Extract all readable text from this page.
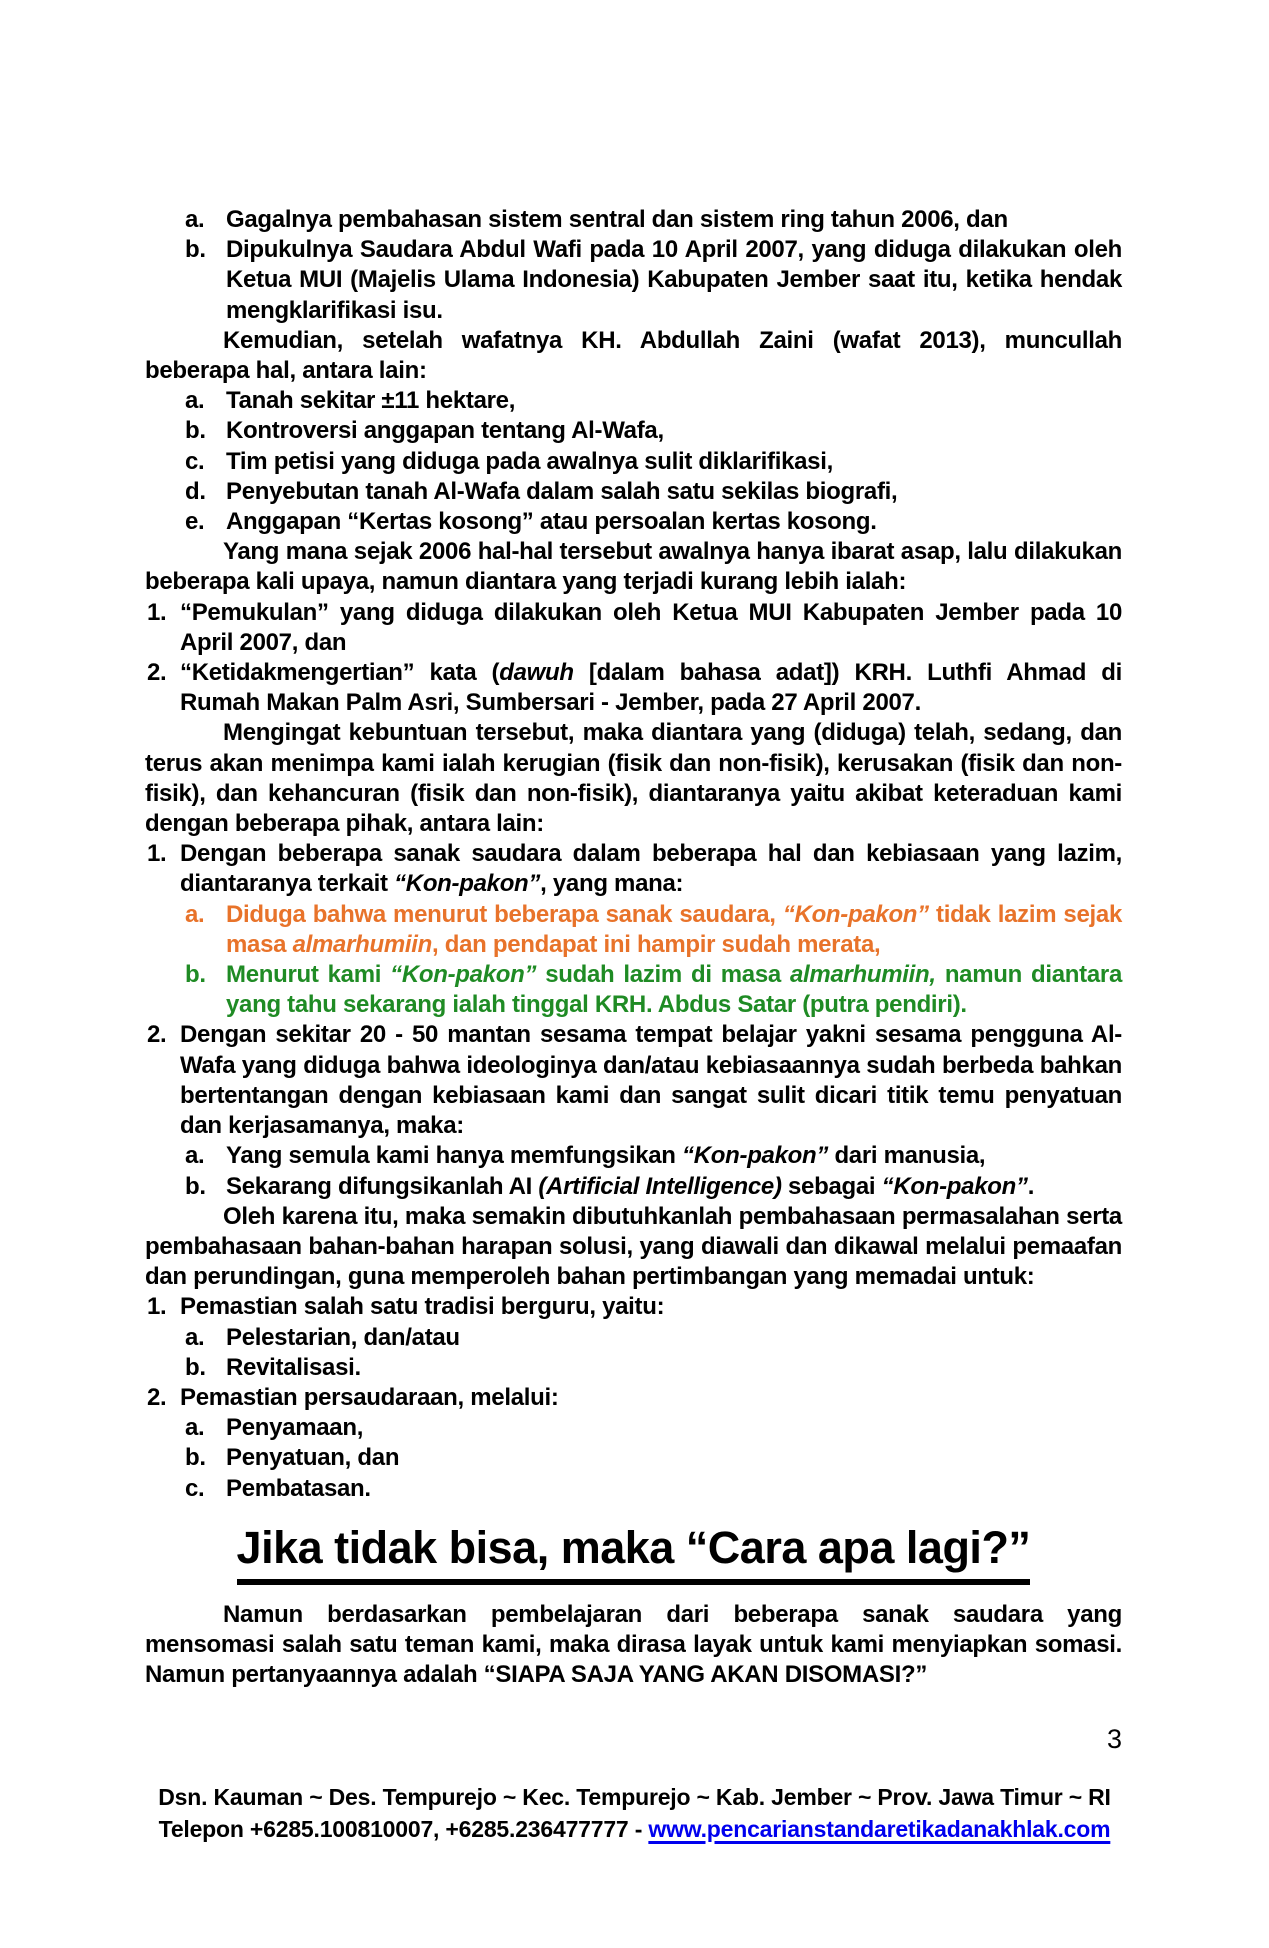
a. Gagalnya pembahasan sistem sentral dan sistem ring tahun 2006, dan
b. Dipukulnya Saudara Abdul Wafi pada 10 April 2007, yang diduga dilakukan oleh Ketua MUI (Majelis Ulama Indonesia) Kabupaten Jember saat itu, ketika hendak mengklarifikasi isu.
Kemudian, setelah wafatnya KH. Abdullah Zaini (wafat 2013), muncullah beberapa hal, antara lain:
a. Tanah sekitar ±11 hektare,
b. Kontroversi anggapan tentang Al-Wafa,
c. Tim petisi yang diduga pada awalnya sulit diklarifikasi,
d. Penyebutan tanah Al-Wafa dalam salah satu sekilas biografi,
e. Anggapan “Kertas kosong” atau persoalan kertas kosong.
Yang mana sejak 2006 hal-hal tersebut awalnya hanya ibarat asap, lalu dilakukan beberapa kali upaya, namun diantara yang terjadi kurang lebih ialah:
1. “Pemukulan” yang diduga dilakukan oleh Ketua MUI Kabupaten Jember pada 10 April 2007, dan
2. “Ketidakmengertian” kata (dawuh [dalam bahasa adat]) KRH. Luthfi Ahmad di Rumah Makan Palm Asri, Sumbersari - Jember, pada 27 April 2007.
Mengingat kebuntuan tersebut, maka diantara yang (diduga) telah, sedang, dan terus akan menimpa kami ialah kerugian (fisik dan non-fisik), kerusakan (fisik dan non-fisik), dan kehancuran (fisik dan non-fisik), diantaranya yaitu akibat keteraduan kami dengan beberapa pihak, antara lain:
1. Dengan beberapa sanak saudara dalam beberapa hal dan kebiasaan yang lazim, diantaranya terkait “Kon-pakon”, yang mana:
a. Diduga bahwa menurut beberapa sanak saudara, “Kon-pakon” tidak lazim sejak masa almarhumiin, dan pendapat ini hampir sudah merata,
b. Menurut kami “Kon-pakon” sudah lazim di masa almarhumiin, namun diantara yang tahu sekarang ialah tinggal KRH. Abdus Satar (putra pendiri).
2. Dengan sekitar 20 - 50 mantan sesama tempat belajar yakni sesama pengguna Al-Wafa yang diduga bahwa ideologinya dan/atau kebiasaannya sudah berbeda bahkan bertentangan dengan kebiasaan kami dan sangat sulit dicari titik temu penyatuan dan kerjasamanya, maka:
a. Yang semula kami hanya memfungsikan “Kon-pakon” dari manusia,
b. Sekarang difungsikanlah AI (Artificial Intelligence) sebagai “Kon-pakon”.
Oleh karena itu, maka semakin dibutuhkanlah pembahasaan permasalahan serta pembahasaan bahan-bahan harapan solusi, yang diawali dan dikawal melalui pemaafan dan perundingan, guna memperoleh bahan pertimbangan yang memadai untuk:
1. Pemastian salah satu tradisi berguru, yaitu:
a. Pelestarian, dan/atau
b. Revitalisasi.
2. Pemastian persaudaraan, melalui:
a. Penyamaan,
b. Penyatuan, dan
c. Pembatasan.
Jika tidak bisa, maka “Cara apa lagi?”
Namun berdasarkan pembelajaran dari beberapa sanak saudara yang mensomasi salah satu teman kami, maka dirasa layak untuk kami menyiapkan somasi. Namun pertanyaannya adalah “SIAPA SAJA YANG AKAN DISOMASI?”
3
Dsn. Kauman ~ Des. Tempurejo ~ Kec. Tempurejo ~ Kab. Jember ~ Prov. Jawa Timur ~ RI
Telepon +6285.100810007, +6285.236477777 - www.pencarianstandaretikadanakhlak.com
